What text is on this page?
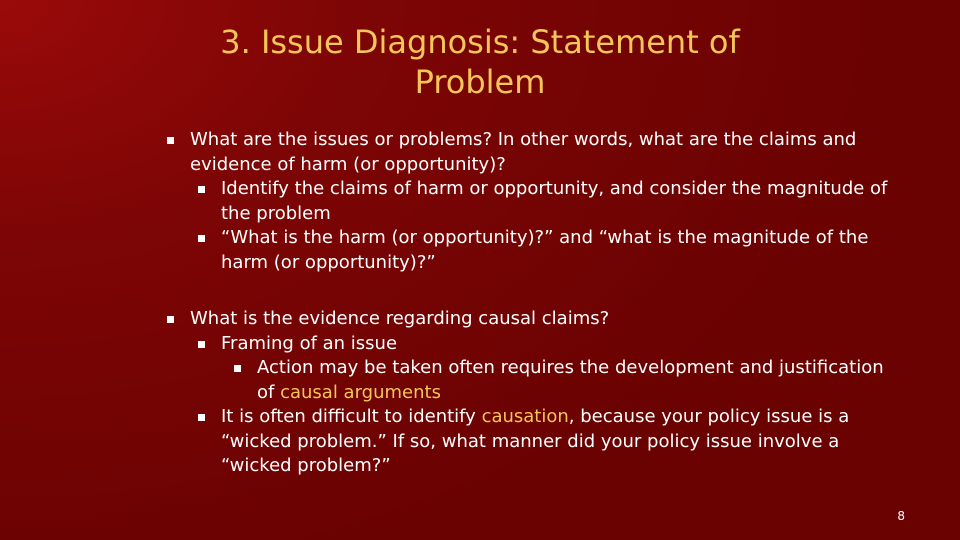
3. Issue Diagnosis: Statement of
Problem
What are the issues or problems? In other words, what are the claims and evidence of harm (or opportunity)?
Identify the claims of harm or opportunity, and consider the magnitude of the problem
“What is the harm (or opportunity)?” and “what is the magnitude of the harm (or opportunity)?”
What is the evidence regarding causal claims?
Framing of an issue
Action may be taken often requires the development and justification of causal arguments
It is often difficult to identify causation, because your policy issue is a “wicked problem.” If so, what manner did your policy issue involve a “wicked problem?”
8
